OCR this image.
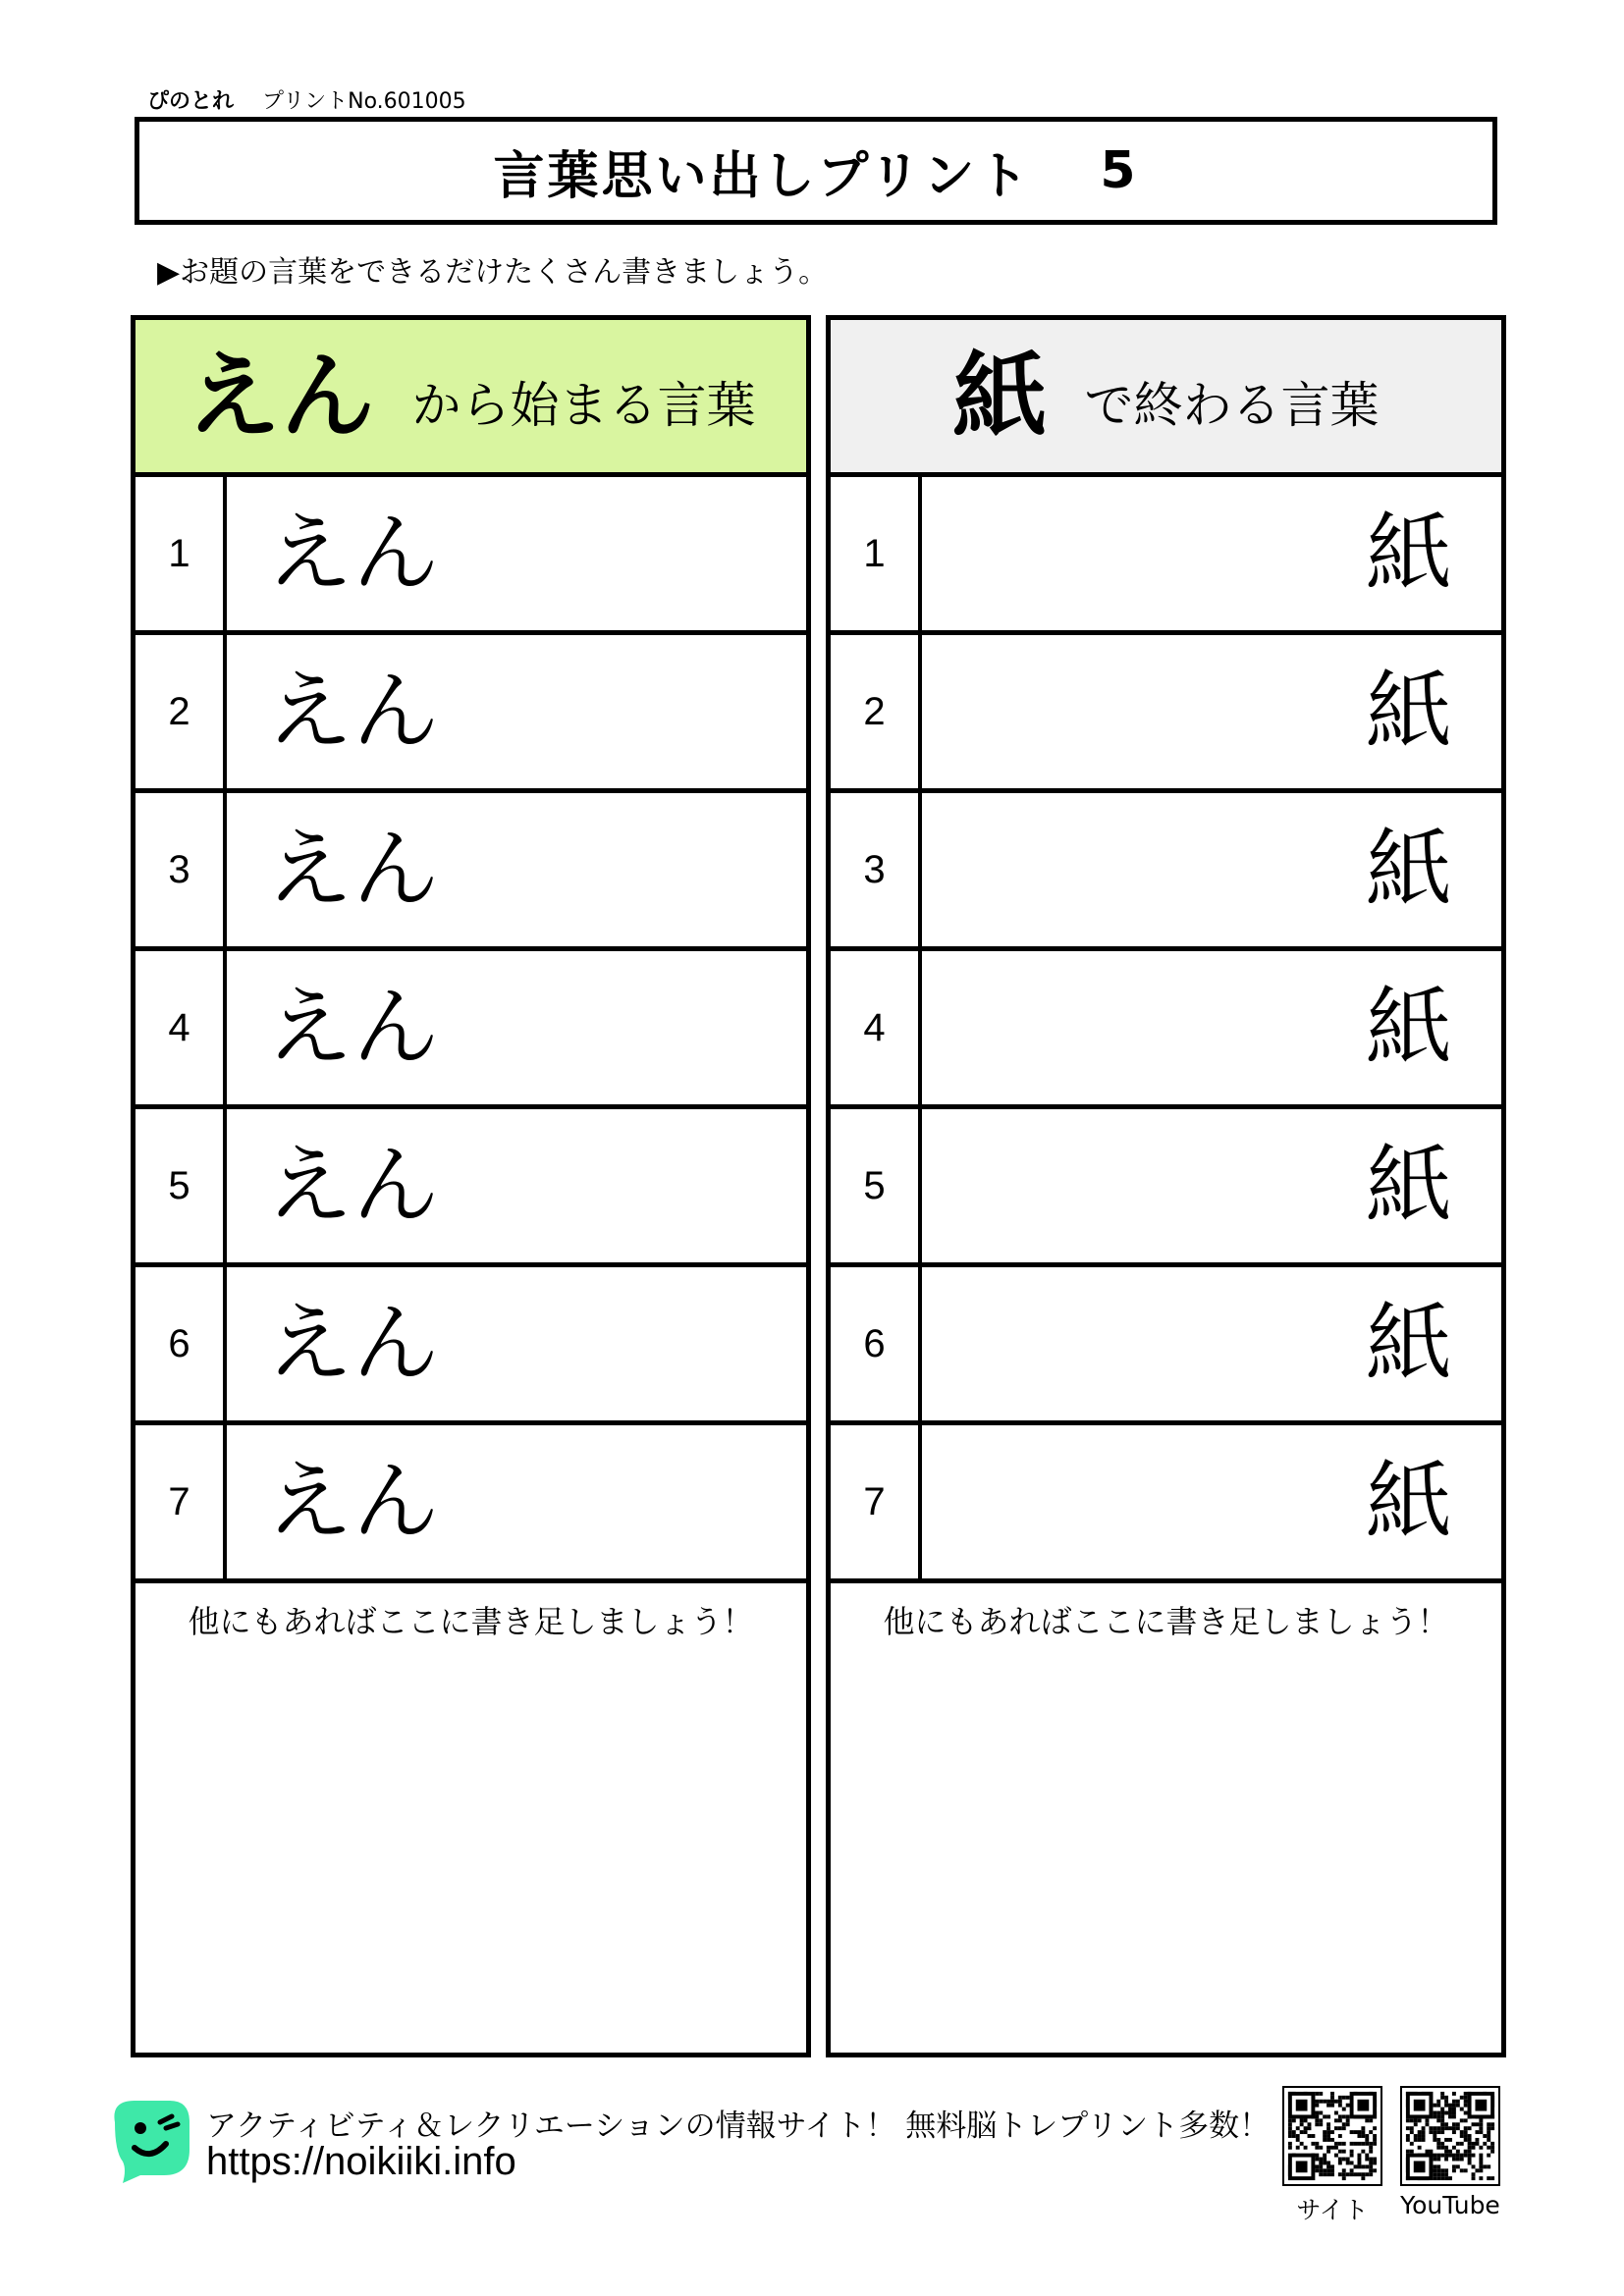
ぴのとれ プリントNo.601005
言葉思い出しプリント 5
▶お題の言葉をできるだけたくさん書きましょう。
えん から始まる言葉
1 えん
2 えん
3 えん
4 えん
5 えん
6 えん
7 えん
他にもあればここに書き足しましょう！
紙 で終わる言葉
1	紙
2	紙
3	紙
4	紙
5	紙
6	紙
7	紙
他にもあればここに書き足しましょう！
アクティビティ＆レクリエーションの情報サイト！ 無料脳トレプリント多数！
https://noikiiki.info
サイト	YouTube
